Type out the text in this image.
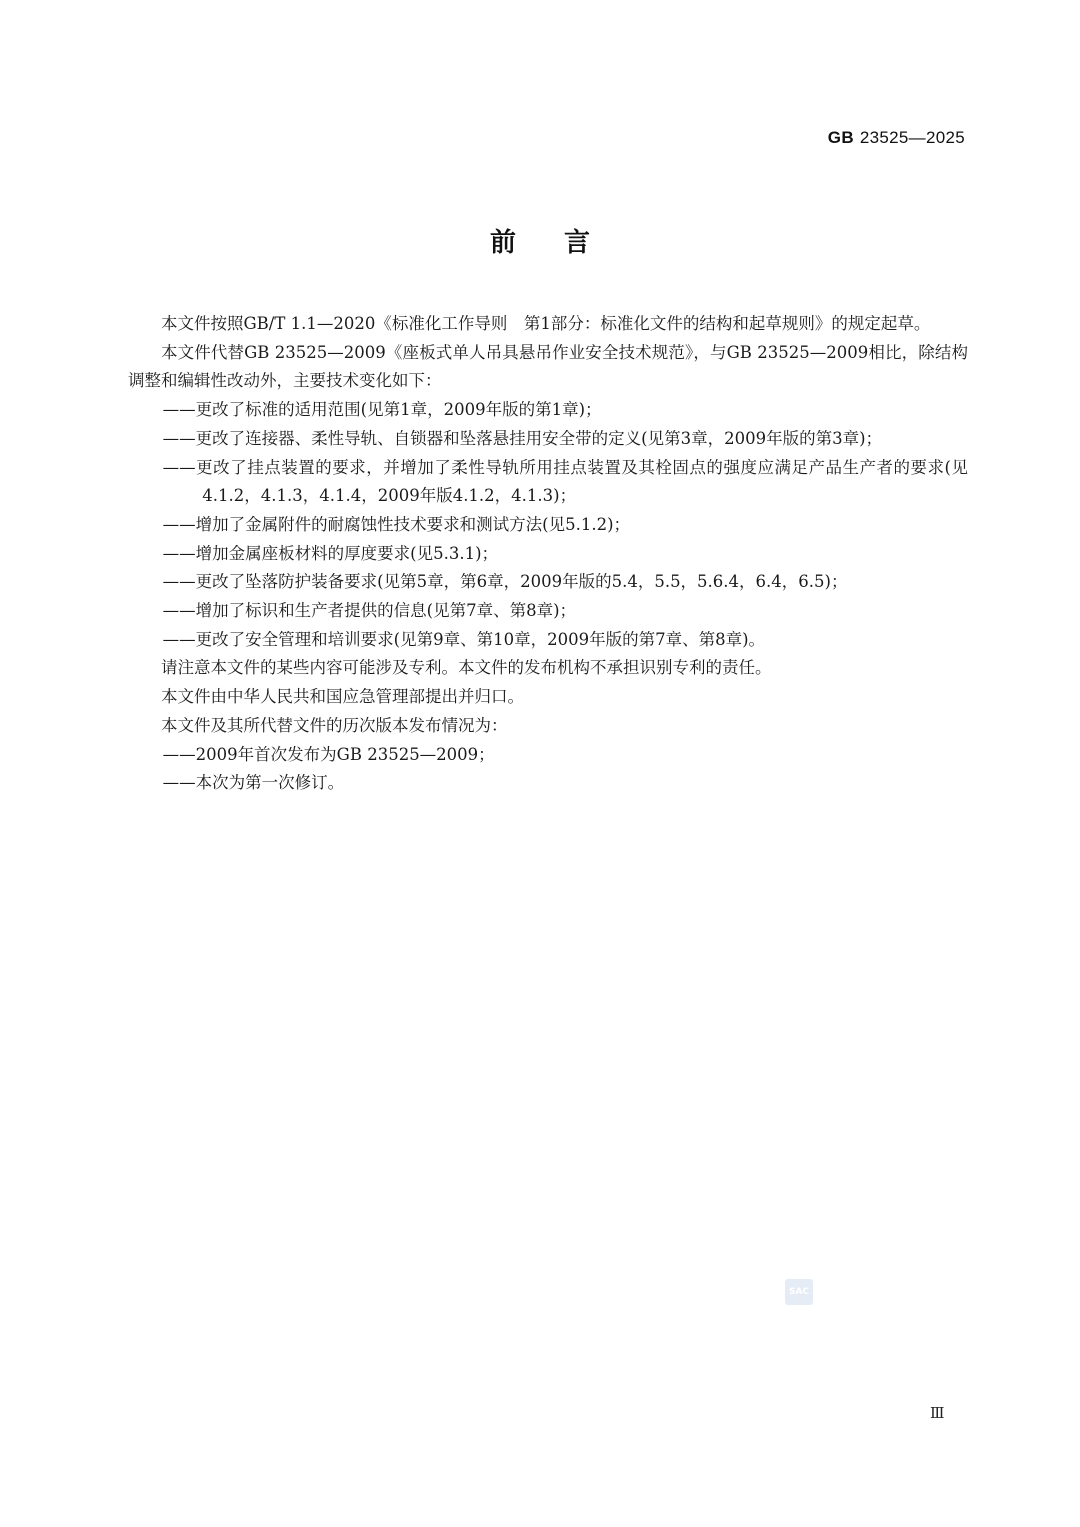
GB 23525—2025
前言

本文件按照GB/T 1.1—2020《标准化工作导则　第1部分：标准化文件的结构和起草规则》的规定起草。

本文件代替GB 23525—2009《座板式单人吊具悬吊作业安全技术规范》，与GB 23525—2009相比，除结构调整和编辑性改动外，主要技术变化如下：

——更改了标准的适用范围(见第1章，2009年版的第1章)；

——更改了连接器、柔性导轨、自锁器和坠落悬挂用安全带的定义(见第3章，2009年版的第3章)；

——更改了挂点装置的要求，并增加了柔性导轨所用挂点装置及其栓固点的强度应满足产品生产者的要求(见4.1.2，4.1.3，4.1.4，2009年版4.1.2，4.1.3)；

——增加了金属附件的耐腐蚀性技术要求和测试方法(见5.1.2)；

——增加金属座板材料的厚度要求(见5.3.1)；

——更改了坠落防护装备要求(见第5章，第6章，2009年版的5.4，5.5，5.6.4，6.4，6.5)；

——增加了标识和生产者提供的信息(见第7章、第8章)；

——更改了安全管理和培训要求(见第9章、第10章，2009年版的第7章、第8章)。

请注意本文件的某些内容可能涉及专利。本文件的发布机构不承担识别专利的责任。

本文件由中华人民共和国应急管理部提出并归口。

本文件及其所代替文件的历次版本发布情况为：

——2009年首次发布为GB 23525—2009；

——本次为第一次修订。

SAC
Ⅲ
